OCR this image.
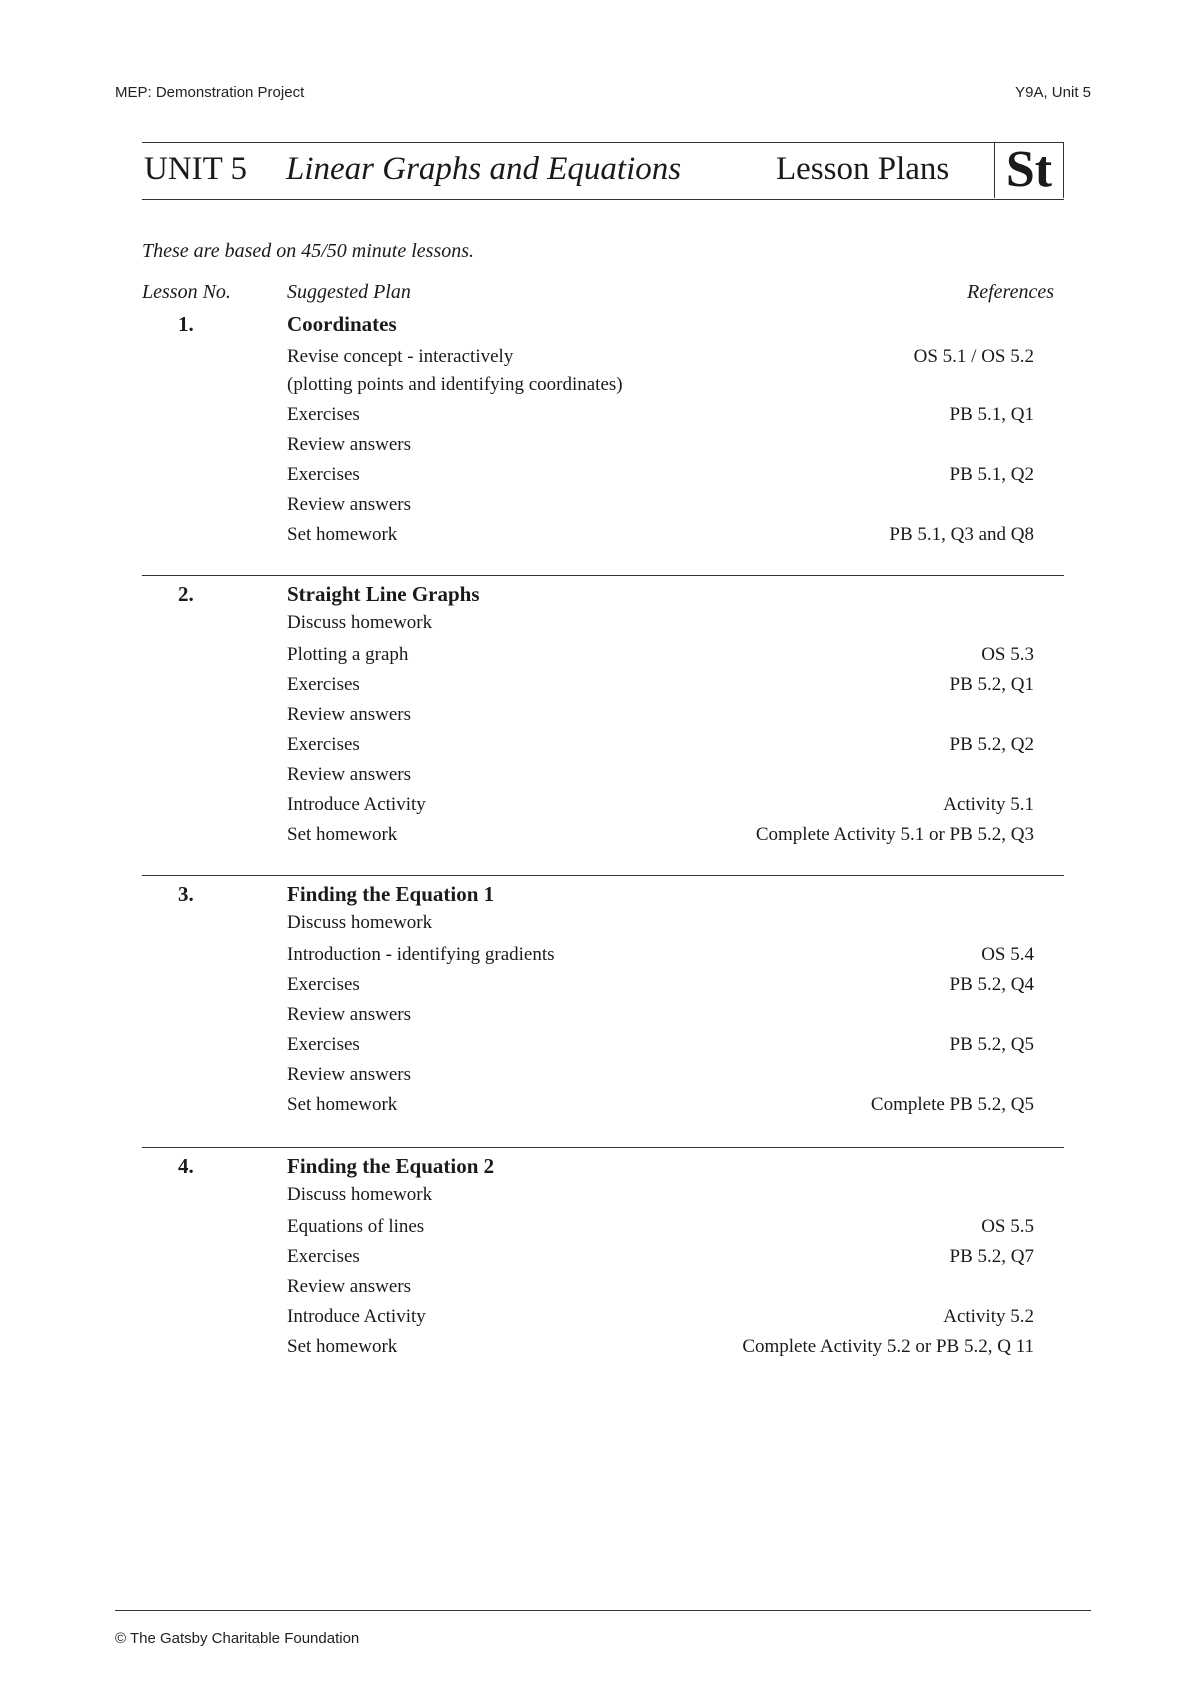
MEP: Demonstration Project	Y9A, Unit 5
UNIT 5 Linear Graphs and Equations	Lesson Plans St
These are based on 45/50 minute lessons.
Lesson No.	Suggested Plan	References
1.	Coordinates
Revise concept - interactively	OS 5.1 / OS 5.2
(plotting points and identifying coordinates)
Exercises	PB 5.1, Q1
Review answers
Exercises	PB 5.1, Q2
Review answers
Set homework	PB 5.1, Q3 and Q8
2.	Straight Line Graphs
Discuss homework
Plotting a graph	OS 5.3
Exercises	PB 5.2, Q1
Review answers
Exercises	PB 5.2, Q2
Review answers
Introduce Activity	Activity 5.1
Set homework	Complete Activity 5.1 or PB 5.2, Q3
3.	Finding the Equation 1
Discuss homework
Introduction - identifying gradients	OS 5.4
Exercises	PB 5.2, Q4
Review answers
Exercises	PB 5.2, Q5
Review answers
Set homework	Complete PB 5.2, Q5
4.	Finding the Equation 2
Discuss homework
Equations of lines	OS 5.5
Exercises	PB 5.2, Q7
Review answers
Introduce Activity	Activity 5.2
Set homework	Complete Activity 5.2 or PB 5.2, Q 11
© The Gatsby Charitable Foundation
